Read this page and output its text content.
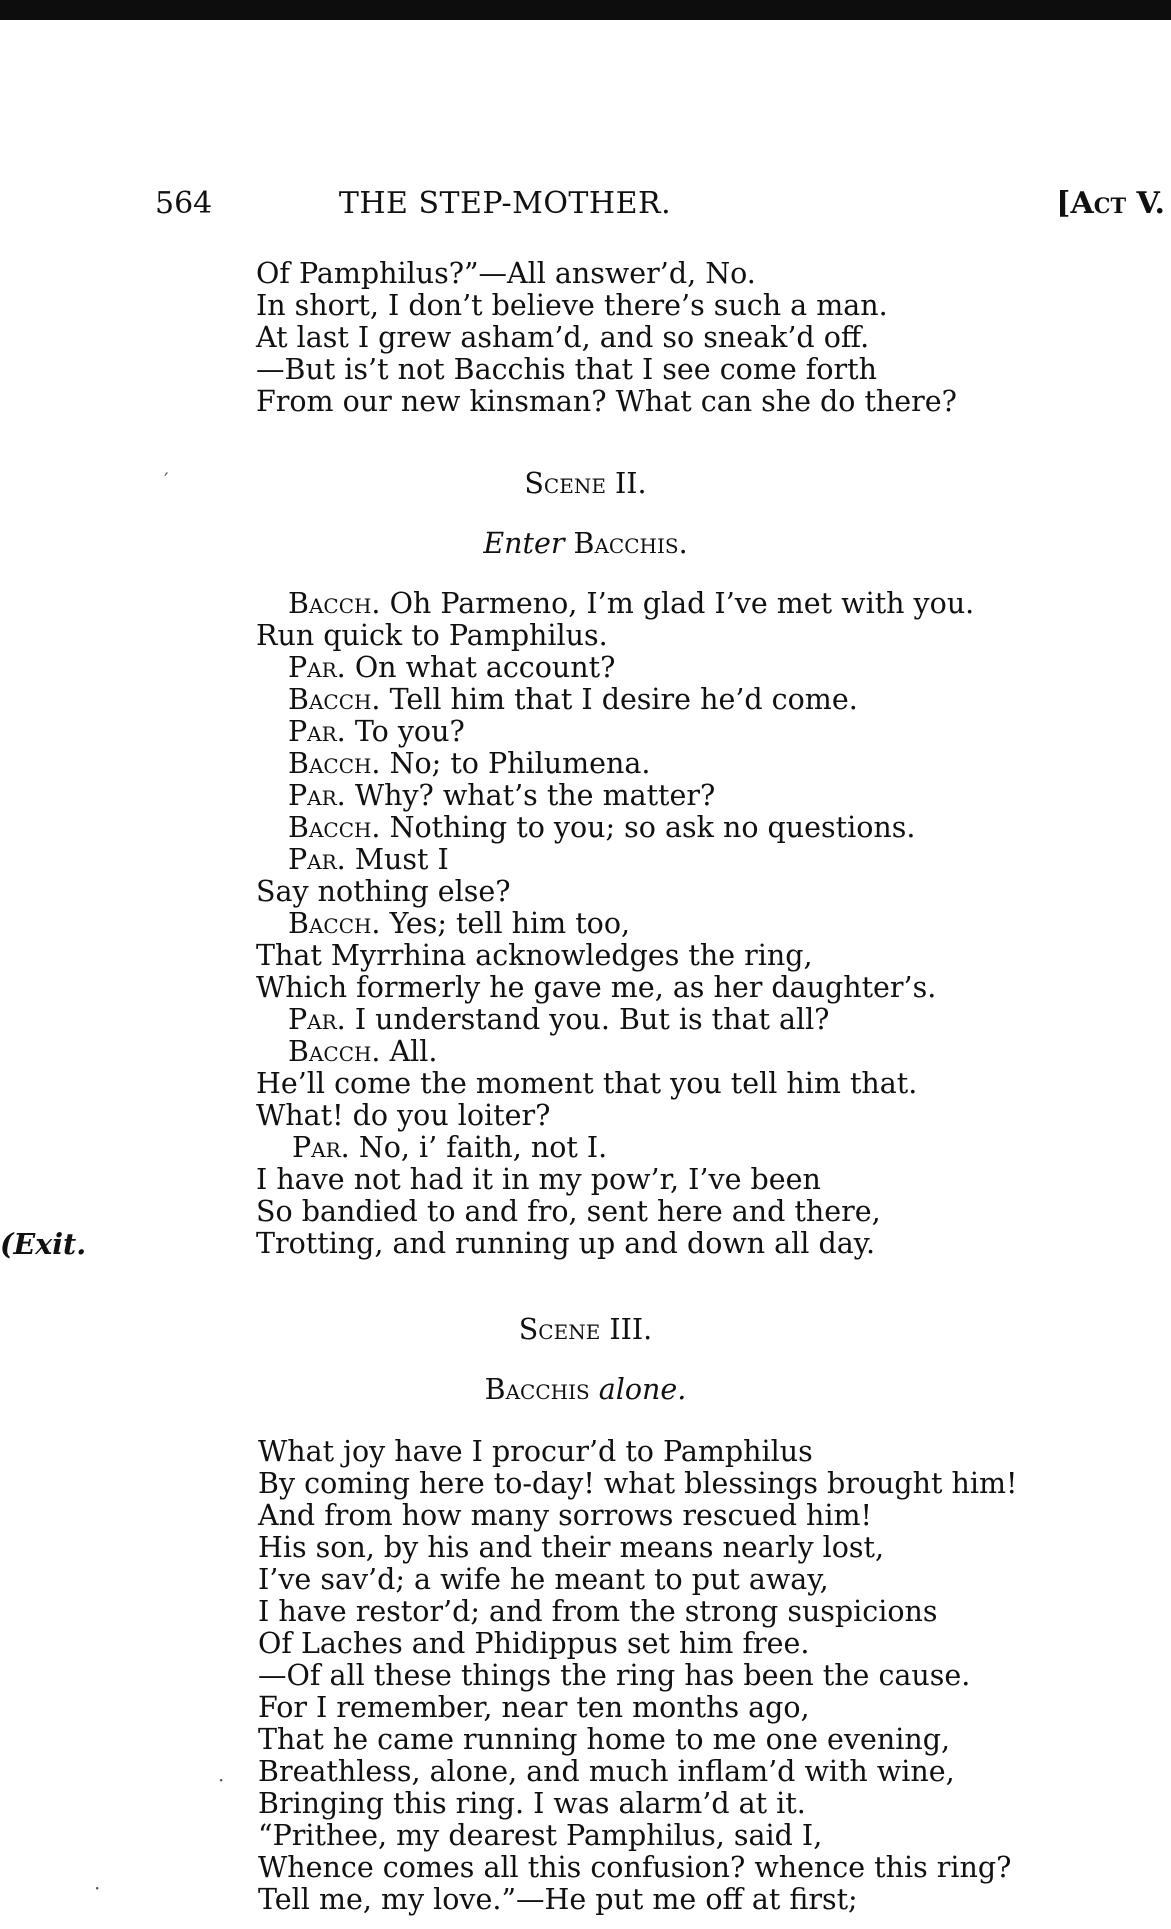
564	THE STEP-MOTHER.	[Act V.
′
Of Pamphilus?”—All answer’d, No.
In short, I don’t believe there’s such a man.
At last I grew asham’d, and so sneak’d off.
—But is’t not Bacchis that I see come forth
From our new kinsman? What can she do there?
Scene II.
Enter Bacchis.
Bacch. Oh Parmeno, I’m glad I’ve met with you.
Run quick to Pamphilus.
Par. On what account?
Bacch. Tell him that I desire he’d come.
Par. To you?
Bacch. No; to Philumena.
Par. Why? what’s the matter?
Bacch. Nothing to you; so ask no questions.
Par. Must I
Say nothing else?
Bacch. Yes; tell him too,
That Myrrhina acknowledges the ring,
Which formerly he gave me, as her daughter’s.
Par. I understand you. But is that all?
Bacch. All.
He’ll come the moment that you tell him that.
What! do you loiter?
Par. No, i’ faith, not I.
I have not had it in my pow’r, I’ve been
So bandied to and fro, sent here and there,
Trotting, and running up and down all day.
(Exit.
Scene III.
Bacchis alone.
What joy have I procur’d to Pamphilus
By coming here to-day! what blessings brought him!
And from how many sorrows rescued him!
His son, by his and their means nearly lost,
I’ve sav’d; a wife he meant to put away,
I have restor’d; and from the strong suspicions
Of Laches and Phidippus set him free.
—Of all these things the ring has been the cause.
For I remember, near ten months ago,
That he came running home to me one evening,
Breathless, alone, and much inflam’d with wine,
Bringing this ring. I was alarm’d at it.
“Prithee, my dearest Pamphilus, said I,
Whence comes all this confusion? whence this ring?
Tell me, my love.”—He put me off at first;
·
·
